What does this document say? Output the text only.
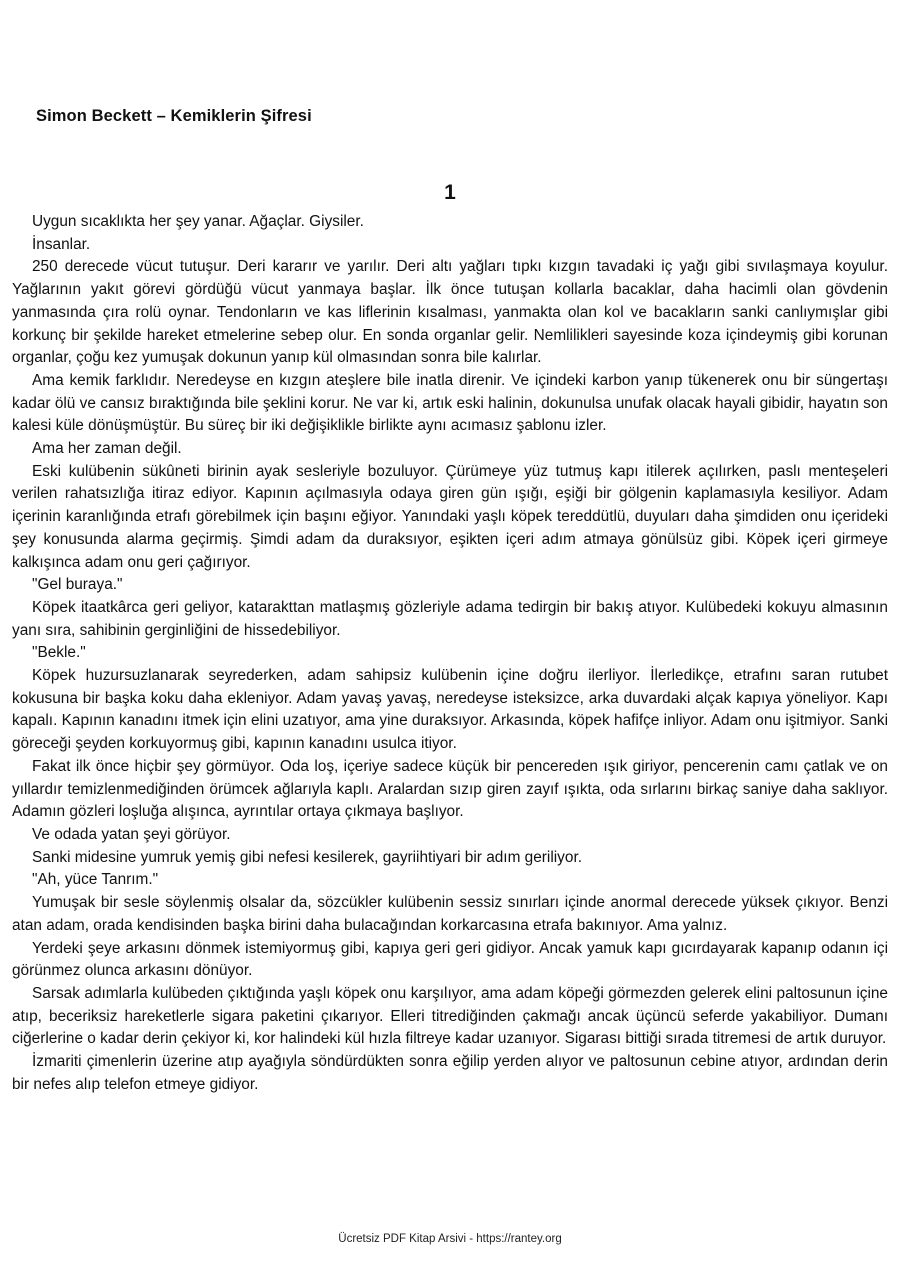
Simon Beckett – Kemiklerin Şifresi
1

Uygun sıcaklıkta her şey yanar. Ağaçlar. Giysiler.

İnsanlar.

250 derecede vücut tutuşur. Deri kararır ve yarılır. Deri altı yağları tıpkı kızgın tavadaki iç yağı gibi sıvılaşmaya koyulur. Yağlarının yakıt görevi gördüğü vücut yanmaya başlar. İlk önce tutuşan kollarla bacaklar, daha hacimli olan gövdenin yanmasında çıra rolü oynar. Tendonların ve kas liflerinin kısalması, yanmakta olan kol ve bacakların sanki canlıymışlar gibi korkunç bir şekilde hareket etmelerine sebep olur. En sonda organlar gelir. Nemlilikleri sayesinde koza içindeymiş gibi korunan organlar, çoğu kez yumuşak dokunun yanıp kül olmasından sonra bile kalırlar.

Ama kemik farklıdır. Neredeyse en kızgın ateşlere bile inatla direnir. Ve içindeki karbon yanıp tükenerek onu bir süngertaşı kadar ölü ve cansız bıraktığında bile şeklini korur. Ne var ki, artık eski halinin, dokunulsa unufak olacak hayali gibidir, hayatın son kalesi küle dönüşmüştür. Bu süreç bir iki değişiklikle birlikte aynı acımasız şablonu izler.

Ama her zaman değil.

Eski kulübenin sükûneti birinin ayak sesleriyle bozuluyor. Çürümeye yüz tutmuş kapı itilerek açılırken, paslı menteşeleri verilen rahatsızlığa itiraz ediyor. Kapının açılmasıyla odaya giren gün ışığı, eşiği bir gölgenin kaplamasıyla kesiliyor. Adam içerinin karanlığında etrafı görebilmek için başını eğiyor. Yanındaki yaşlı köpek tereddütlü, duyuları daha şimdiden onu içerideki şey konusunda alarma geçirmiş. Şimdi adam da duraksıyor, eşikten içeri adım atmaya gönülsüz gibi. Köpek içeri girmeye kalkışınca adam onu geri çağırıyor.

"Gel buraya."

Köpek itaatkârca geri geliyor, katarakttan matlaşmış gözleriyle adama tedirgin bir bakış atıyor. Kulübedeki kokuyu almasının yanı sıra, sahibinin gerginliğini de hissedebiliyor.

"Bekle."

Köpek huzursuzlanarak seyrederken, adam sahipsiz kulübenin içine doğru ilerliyor. İlerledikçe, etrafını saran rutubet kokusuna bir başka koku daha ekleniyor. Adam yavaş yavaş, neredeyse isteksizce, arka duvardaki alçak kapıya yöneliyor. Kapı kapalı. Kapının kanadını itmek için elini uzatıyor, ama yine duraksıyor. Arkasında, köpek hafifçe inliyor. Adam onu işitmiyor. Sanki göreceği şeyden korkuyormuş gibi, kapının kanadını usulca itiyor.

Fakat ilk önce hiçbir şey görmüyor. Oda loş, içeriye sadece küçük bir pencereden ışık giriyor, pencerenin camı çatlak ve on yıllardır temizlenmediğinden örümcek ağlarıyla kaplı. Aralardan sızıp giren zayıf ışıkta, oda sırlarını birkaç saniye daha saklıyor. Adamın gözleri loşluğa alışınca, ayrıntılar ortaya çıkmaya başlıyor.

Ve odada yatan şeyi görüyor.

Sanki midesine yumruk yemiş gibi nefesi kesilerek, gayriihtiyari bir adım geriliyor.

"Ah, yüce Tanrım."

Yumuşak bir sesle söylenmiş olsalar da, sözcükler kulübenin sessiz sınırları içinde anormal derecede yüksek çıkıyor. Benzi atan adam, orada kendisinden başka birini daha bulacağından korkarcasına etrafa bakınıyor. Ama yalnız.

Yerdeki şeye arkasını dönmek istemiyormuş gibi, kapıya geri geri gidiyor. Ancak yamuk kapı gıcırdayarak kapanıp odanın içi görünmez olunca arkasını dönüyor.

Sarsak adımlarla kulübeden çıktığında yaşlı köpek onu karşılıyor, ama adam köpeği görmezden gelerek elini paltosunun içine atıp, beceriksiz hareketlerle sigara paketini çıkarıyor. Elleri titrediğinden çakmağı ancak üçüncü seferde yakabiliyor. Dumanı ciğerlerine o kadar derin çekiyor ki, kor halindeki kül hızla filtreye kadar uzanıyor. Sigarası bittiği sırada titremesi de artık duruyor.

İzmariti çimenlerin üzerine atıp ayağıyla söndürdükten sonra eğilip yerden alıyor ve paltosunun cebine atıyor, ardından derin bir nefes alıp telefon etmeye gidiyor.

Ücretsiz PDF Kitap Arsivi - https://rantey.org
